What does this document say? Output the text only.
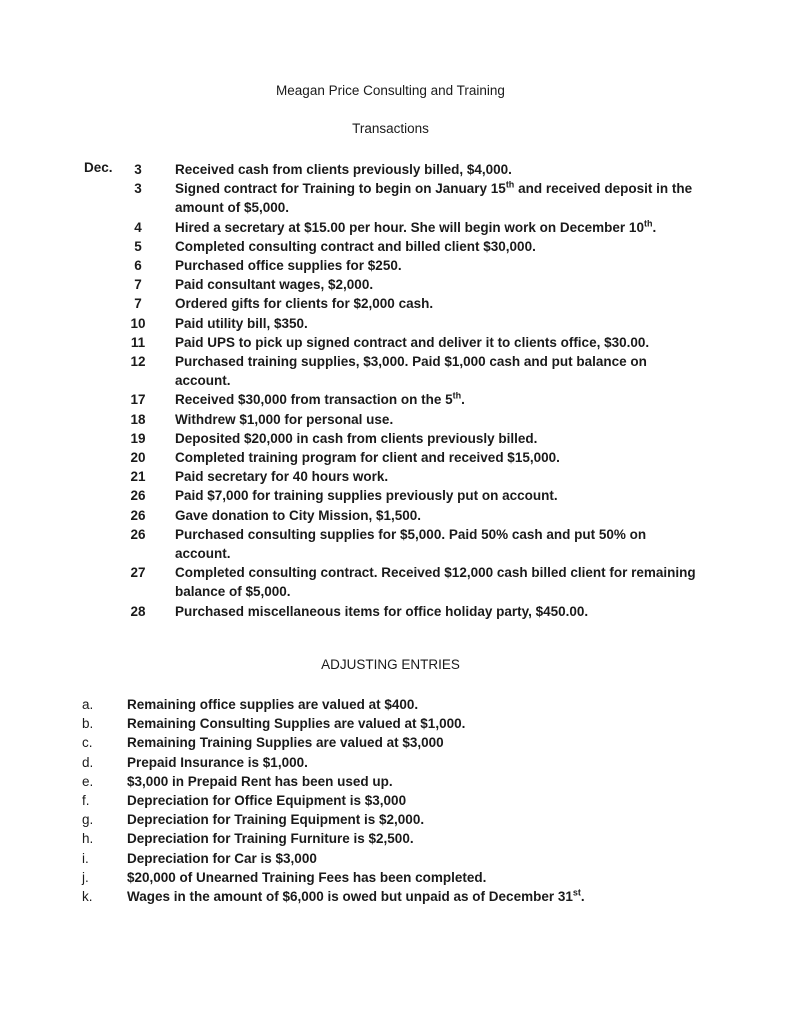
Meagan Price Consulting and Training
Transactions
Dec.	3	Received cash from clients previously billed, $4,000.
3	Signed contract for Training to begin on January 15th and received deposit in the amount of $5,000.
4	Hired a secretary at $15.00 per hour. She will begin work on December 10th.
5	Completed consulting contract and billed client $30,000.
6	Purchased office supplies for $250.
7	Paid consultant wages, $2,000.
7	Ordered gifts for clients for $2,000 cash.
10	Paid utility bill, $350.
11	Paid UPS to pick up signed contract and deliver it to clients office, $30.00.
12	Purchased training supplies, $3,000. Paid $1,000 cash and put balance on account.
17	Received $30,000 from transaction on the 5th.
18	Withdrew $1,000 for personal use.
19	Deposited $20,000 in cash from clients previously billed.
20	Completed training program for client and received $15,000.
21	Paid secretary for 40 hours work.
26	Paid $7,000 for training supplies previously put on account.
26	Gave donation to City Mission, $1,500.
26	Purchased consulting supplies for $5,000. Paid 50% cash and put 50% on account.
27	Completed consulting contract. Received $12,000 cash billed client for remaining balance of $5,000.
28	Purchased miscellaneous items for office holiday party, $450.00.
ADJUSTING ENTRIES
a.	Remaining office supplies are valued at $400.
b.	Remaining Consulting Supplies are valued at $1,000.
c.	Remaining Training Supplies are valued at $3,000
d.	Prepaid Insurance is $1,000.
e.	$3,000 in Prepaid Rent has been used up.
f.	Depreciation for Office Equipment is $3,000
g.	Depreciation for Training Equipment is $2,000.
h.	Depreciation for Training Furniture is $2,500.
i.	Depreciation for Car is $3,000
j.	$20,000 of Unearned Training Fees has been completed.
k.	Wages in the amount of $6,000 is owed but unpaid as of December 31st.
